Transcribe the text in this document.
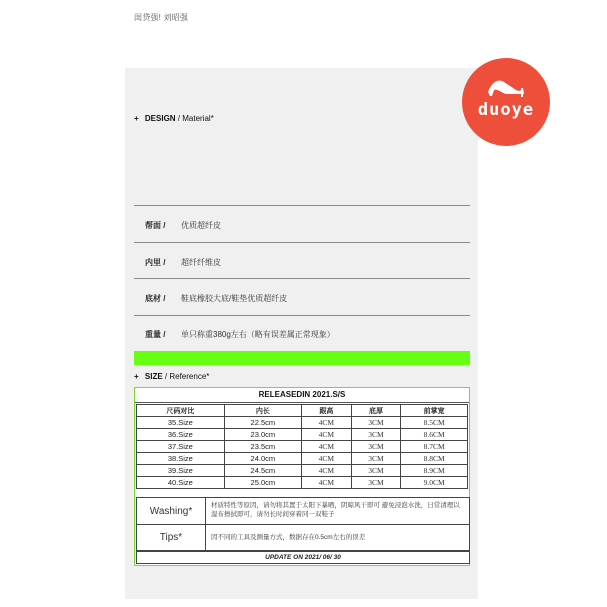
闺贷强! 刘昭强
duoye
+ DESIGN / Material*
帮面 / 优质超纤皮
内里 / 超纤纤维皮
底材 / 鞋底橡胶大底/鞋垫优质超纤皮
重量 / 单只称重380g左右（略有误差属正常现象）
+ SIZE / Reference*
RELEASEDIN 2021.S/S
尺码对比	内长	跟高	底厚	前掌宽
35.Size	22.5cm	4CM	3CM	8.5CM
36.Size	23.0cm	4CM	3CM	8.6CM
37.Size	23.5cm	4CM	3CM	8.7CM
38.Size	24.0cm	4CM	3CM	8.8CM
39.Size	24.5cm	4CM	3CM	8.9CM
40.Size	25.0cm	4CM	3CM	9.0CM
Washing*	材质特性等原因，请勿将其置于太阳下暴晒，阴晾风干即可 避免浸泡水洗，日常清理以湿布擦拭即可，请勿长时间穿着同一双鞋子
Tips*	因不同的工具及测量方式，数据存在0.5cm左右的误差
UPDATE ON 2021/ 06/ 30
